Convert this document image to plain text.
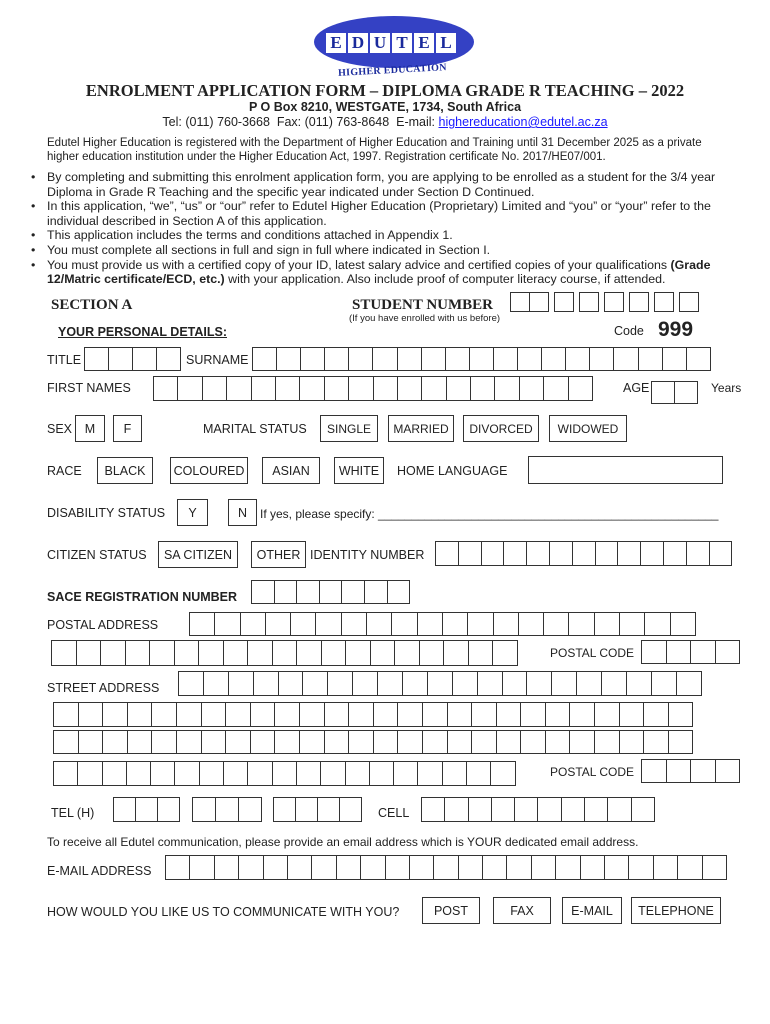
E D U T E L
HIGHER EDUCATION
ENROLMENT APPLICATION FORM – DIPLOMA GRADE R TEACHING – 2022
P O Box 8210, WESTGATE, 1734, South Africa
Tel: (011) 760-3668  Fax: (011) 763-8648  E-mail: highereducation@edutel.ac.za
Edutel Higher Education is registered with the Department of Higher Education and Training until 31 December 2025 as a private higher education institution under the Higher Education Act, 1997. Registration certificate No. 2017/HE07/001.
• By completing and submitting this enrolment application form, you are applying to be enrolled as a student for the 3/4 year Diploma in Grade R Teaching and the specific year indicated under Section D Continued.
• In this application, “we”, “us” or “our” refer to Edutel Higher Education (Proprietary) Limited and “you” or “your” refer to the individual described in Section A of this application.
• This application includes the terms and conditions attached in Appendix 1.
• You must complete all sections in full and sign in full where indicated in Section I.
• You must provide us with a certified copy of your ID, latest salary advice and certified copies of your qualifications (Grade 12/Matric certificate/ECD, etc.) with your application. Also include proof of computer literacy course, if attended.
SECTION A	STUDENT NUMBER
(If you have enrolled with us before)
YOUR PERSONAL DETAILS:	Code 999
TITLE	SURNAME
FIRST NAMES	AGE	Years
SEX	M	F	MARITAL STATUS	SINGLE	MARRIED	DIVORCED	WIDOWED
RACE	BLACK	COLOURED	ASIAN	WHITE	HOME LANGUAGE
DISABILITY STATUS	Y	N	If yes, please specify: ___________________________________________________
CITIZEN STATUS	SA CITIZEN	OTHER IDENTITY NUMBER
SACE REGISTRATION NUMBER
POSTAL ADDRESS
POSTAL CODE
STREET ADDRESS
POSTAL CODE
TEL (H)	CELL
To receive all Edutel communication, please provide an email address which is YOUR dedicated email address.
E-MAIL ADDRESS
HOW WOULD YOU LIKE US TO COMMUNICATE WITH YOU?	POST	FAX	E-MAIL	TELEPHONE
